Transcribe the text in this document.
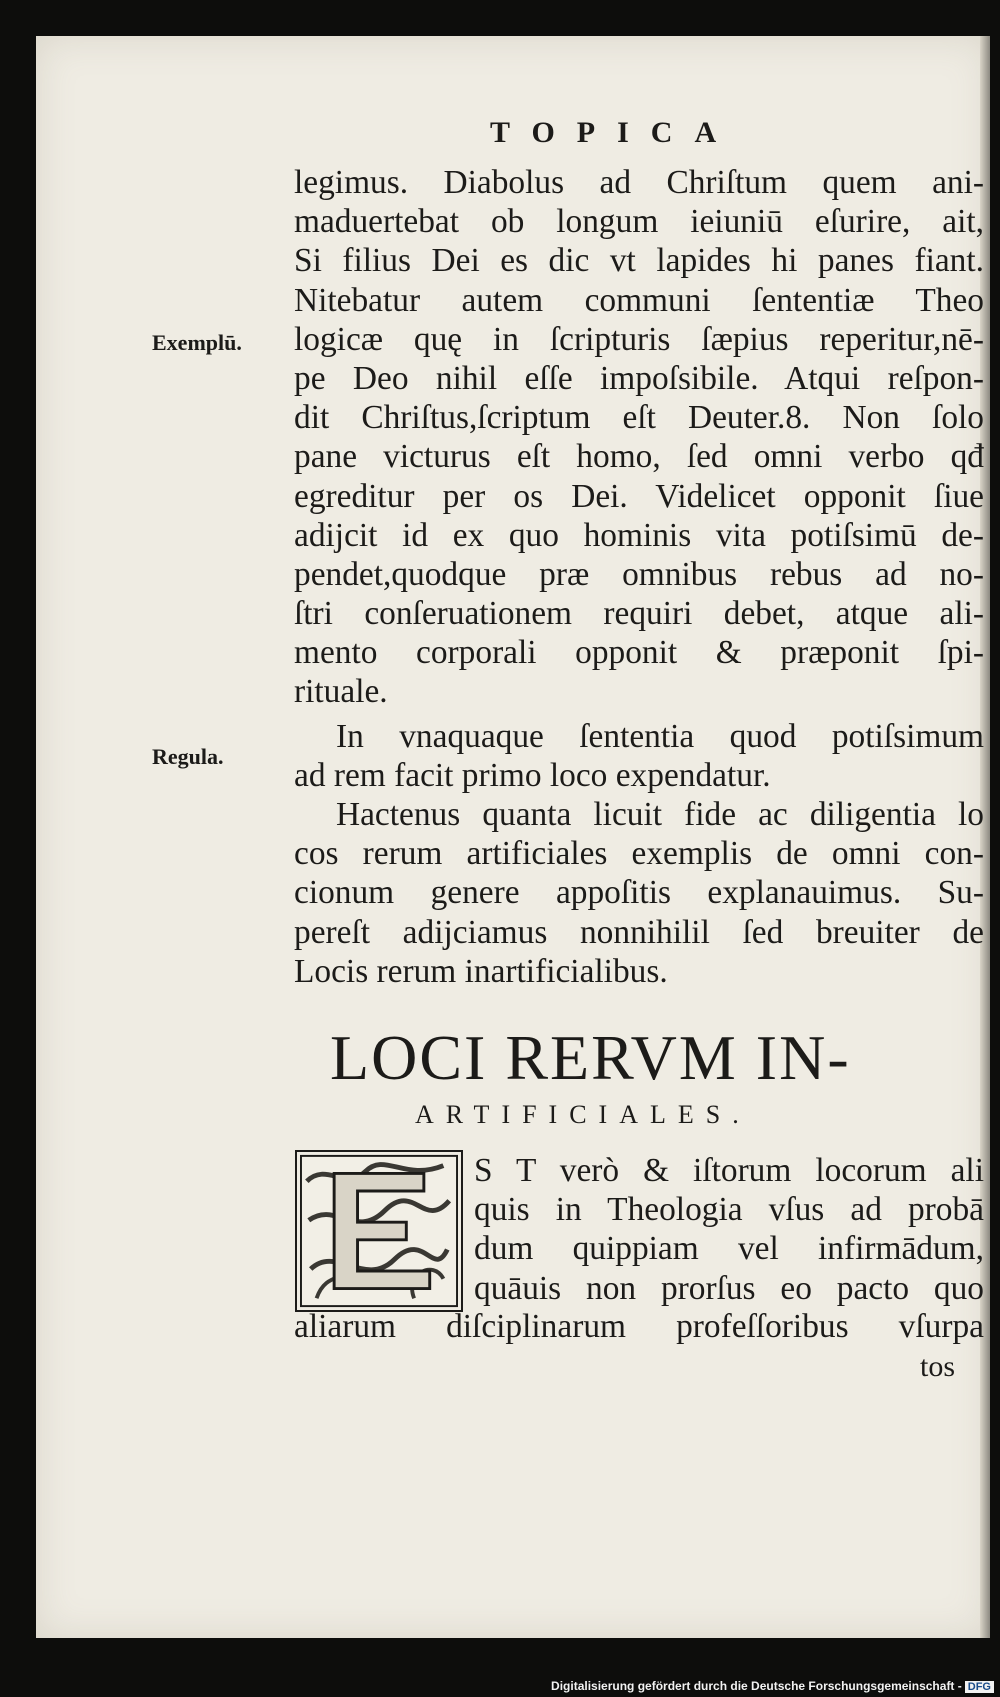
TOPICA
Exemplū.
Regula.
legimus. Diabolus ad Chriſtum quem ani-
maduertebat ob longum ieiuniū eſurire, ait,
Si filius Dei es dic vt lapides hi panes fiant.
Nitebatur autem communi ſententiæ Theo
logicæ quę in ſcripturis ſæpius reperitur,nē-
pe Deo nihil eſſe impoſsibile. Atqui reſpon-
dit Chriſtus,ſcriptum eſt Deuter.8. Non ſolo
pane victurus eſt homo, ſed omni verbo qđ
egreditur per os Dei. Videlicet opponit ſiue
adijcit id ex quo hominis vita potiſsimū de-
pendet,quodque præ omnibus rebus ad no-
ſtri conſeruationem requiri debet, atque ali-
mento corporali opponit & præponit ſpi-
rituale.
In vnaquaque ſententia quod potiſsimum
ad rem facit primo loco expendatur.
Hactenus quanta licuit fide ac diligentia lo
cos rerum artificiales exemplis de omni con-
cionum genere appoſitis explanauimus. Su-
pereſt adijciamus nonnihilil ſed breuiter de
Locis rerum inartificialibus.
LOCI RERVM IN-
ARTIFICIALES.
S T verò & iſtorum locorum ali
quis in Theologia vſus ad probā
dum quippiam vel infirmādum,
quāuis non prorſus eo pacto quo
aliarum diſciplinarum profeſſoribus vſurpa
tos
Digitalisierung gefördert durch die Deutsche Forschungsgemeinschaft - DFG
